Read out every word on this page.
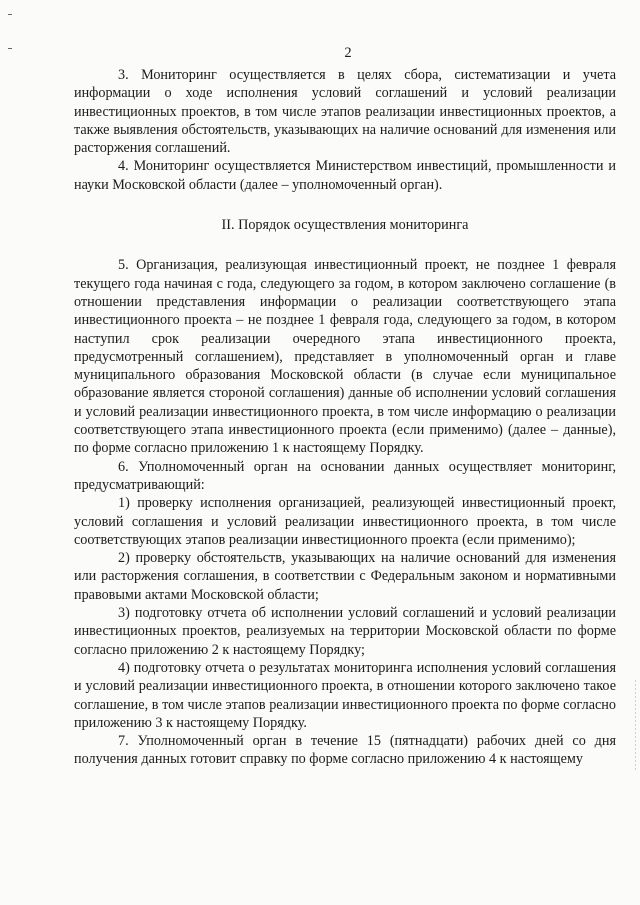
2

3. Мониторинг осуществляется в целях сбора, систематизации и учета информации о ходе исполнения условий соглашений и условий реализации инвестиционных проектов, в том числе этапов реализации инвестиционных проектов, а также выявления обстоятельств, указывающих на наличие оснований для изменения или расторжения соглашений.

4. Мониторинг осуществляется Министерством инвестиций, промышленности и науки Московской области (далее – уполномоченный орган).

II. Порядок осуществления мониторинга

5. Организация, реализующая инвестиционный проект, не позднее 1 февраля текущего года начиная с года, следующего за годом, в котором заключено соглашение (в отношении представления информации о реализации соответствующего этапа инвестиционного проекта – не позднее 1 февраля года, следующего за годом, в котором наступил срок реализации очередного этапа инвестиционного проекта, предусмотренный соглашением), представляет в уполномоченный орган и главе муниципального образования Московской области (в случае если муниципальное образование является стороной соглашения) данные об исполнении условий соглашения и условий реализации инвестиционного проекта, в том числе информацию о реализации соответствующего этапа инвестиционного проекта (если применимо) (далее – данные), по форме согласно приложению 1 к настоящему Порядку.

6. Уполномоченный орган на основании данных осуществляет мониторинг, предусматривающий:

1) проверку исполнения организацией, реализующей инвестиционный проект, условий соглашения и условий реализации инвестиционного проекта, в том числе соответствующих этапов реализации инвестиционного проекта (если применимо);

2) проверку обстоятельств, указывающих на наличие оснований для изменения или расторжения соглашения, в соответствии с Федеральным законом и нормативными правовыми актами Московской области;

3) подготовку отчета об исполнении условий соглашений и условий реализации инвестиционных проектов, реализуемых на территории Московской области по форме согласно приложению 2 к настоящему Порядку;

4) подготовку отчета о результатах мониторинга исполнения условий соглашения и условий реализации инвестиционного проекта, в отношении которого заключено такое соглашение, в том числе этапов реализации инвестиционного проекта по форме согласно приложению 3 к настоящему Порядку.

7. Уполномоченный орган в течение 15 (пятнадцати) рабочих дней со дня получения данных готовит справку по форме согласно приложению 4 к настоящему
